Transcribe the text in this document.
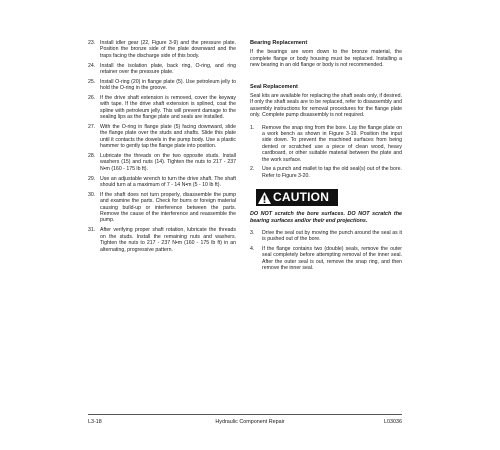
23. Install idler gear (22, Figure 3-9) and the pressure plate. Position the bronze side of the plate downward and the traps facing the discharge side of this body.
24. Install the isolation plate, back ring, O-ring, and ring retainer over the pressure plate.
25. Install O-ring (20) in flange plate (5). Use petroleum jelly to hold the O-ring in the groove.
26. If the drive shaft extension is removed, cover the keyway with tape. If the drive shaft extension is splined, coat the spline with petroleum jelly. This will prevent damage to the sealing lips as the flange plate and seals are installed.
27. With the O-ring in flange plate (5) facing downward, slide the flange plate over the studs and shafts. Slide this plate until it contacts the dowels in the pump body. Use a plastic hammer to gently tap the flange plate into position.
28. Lubricate the threads on the two opposite studs. Install washers (15) and nuts (14). Tighten the nuts to 217 - 237 N•m (160 - 175 lb ft).
29. Use an adjustable wrench to turn the drive shaft. The shaft should turn at a maximum of 7 - 14 N•m (5 - 10 lb ft).
30. If the shaft does not turn properly, disassemble the pump and examine the parts. Check for burrs or foreign material causing build-up or interference between the parts. Remove the cause of the interference and reassemble the pump.
31. After verifying proper shaft rotation, lubricate the threads on the studs. Install the remaining nuts and washers. Tighten the nuts to 217 - 237 N•m (160 - 175 lb ft) in an alternating, progressive pattern.
Bearing Replacement
If the bearings are worn down to the bronze material, the complete flange or body housing must be replaced. Installing a new bearing in an old flange or body is not recommended.
Seal Replacement
Seal kits are available for replacing the shaft seals only, if desired. If only the shaft seals are to be replaced, refer to disassembly and assembly instructions for removal procedures for the flange plate only. Complete pump disassembly is not required.
1.	Remove the snap ring from the bore. Lay the flange plate on a work bench as shown in Figure 3-19. Position the input side down. To prevent the machined surfaces from being dented or scratched use a piece of clean wood, heavy cardboard, or other suitable material between the plate and the work surface.
2.	Use a punch and mallet to tap the old seal(s) out of the bore. Refer to Figure 3-20.
CAUTION
DO NOT scratch the bore surfaces. DO NOT scratch the bearing surfaces and/or their end projections.
3.	Drive the seal out by moving the punch around the seal as it is pushed out of the bore.
4.	If the flange contains two (double) seals, remove the outer seal completely before attempting removal of the inner seal. After the outer seal is out, remove the snap ring, and then remove the inner seal.
L3-18	Hydraulic Component Repair	L03036
